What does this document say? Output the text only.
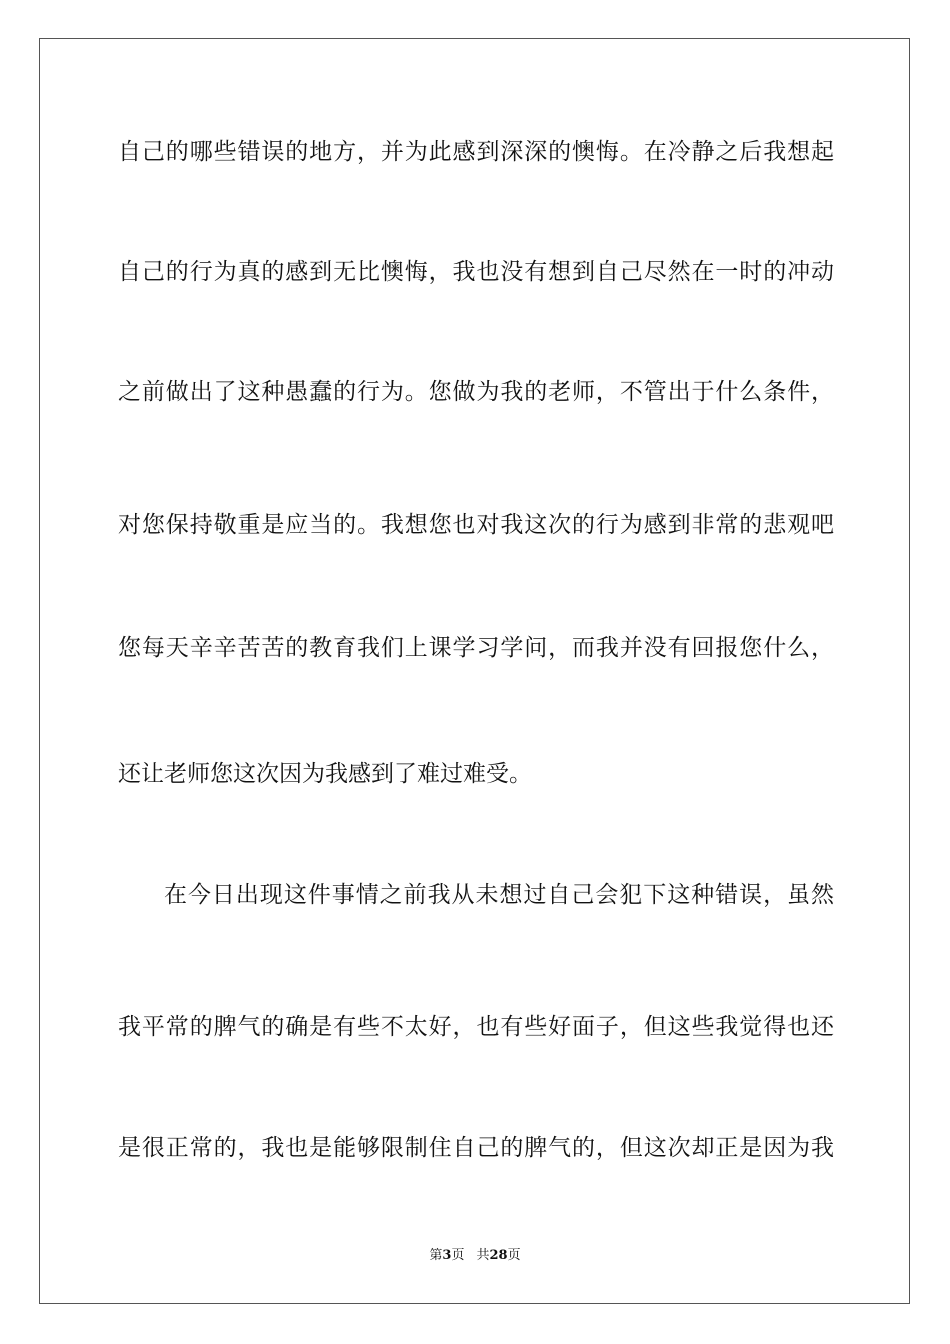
自己的哪些错误的地方，并为此感到深深的懊悔。在冷静之后我想起
自己的行为真的感到无比懊悔，我也没有想到自己尽然在一时的冲动
之前做出了这种愚蠢的行为。您做为我的老师，不管出于什么条件，
对您保持敬重是应当的。我想您也对我这次的行为感到非常的悲观吧
您每天辛辛苦苦的教育我们上课学习学问，而我并没有回报您什么，
还让老师您这次因为我感到了难过难受。
在今日出现这件事情之前我从未想过自己会犯下这种错误，虽然
我平常的脾气的确是有些不太好，也有些好面子，但这些我觉得也还
是很正常的，我也是能够限制住自己的脾气的，但这次却正是因为我
第3页 共28页
